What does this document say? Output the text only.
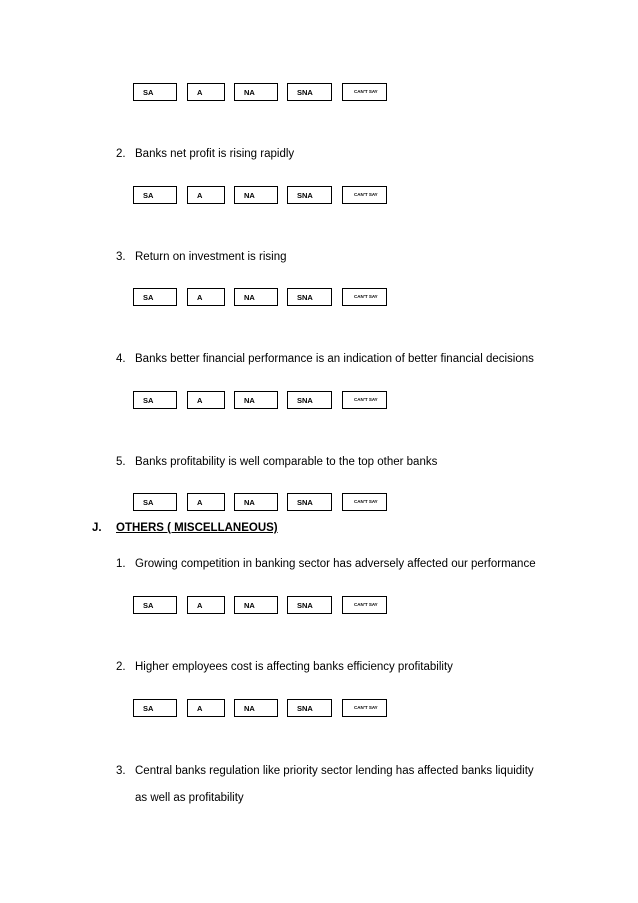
SA	A	NA	SNA	CAN'T SAY
2. Banks net profit is rising rapidly
SA	A	NA	SNA	CAN'T SAY
3. Return on investment is rising
SA	A	NA	SNA	CAN'T SAY
4. Banks better financial performance is an indication of better financial decisions
SA	A	NA	SNA	CAN'T SAY
5. Banks profitability is well comparable to the top other banks
SA	A	NA	SNA	CAN'T SAY
J. OTHERS ( MISCELLANEOUS)
1. Growing competition in banking sector has adversely affected our performance
SA	A	NA	SNA	CAN'T SAY
2. Higher employees cost is affecting banks efficiency profitability
SA	A	NA	SNA	CAN'T SAY
3. Central banks regulation like priority sector lending has affected banks liquidity
as well as profitability
